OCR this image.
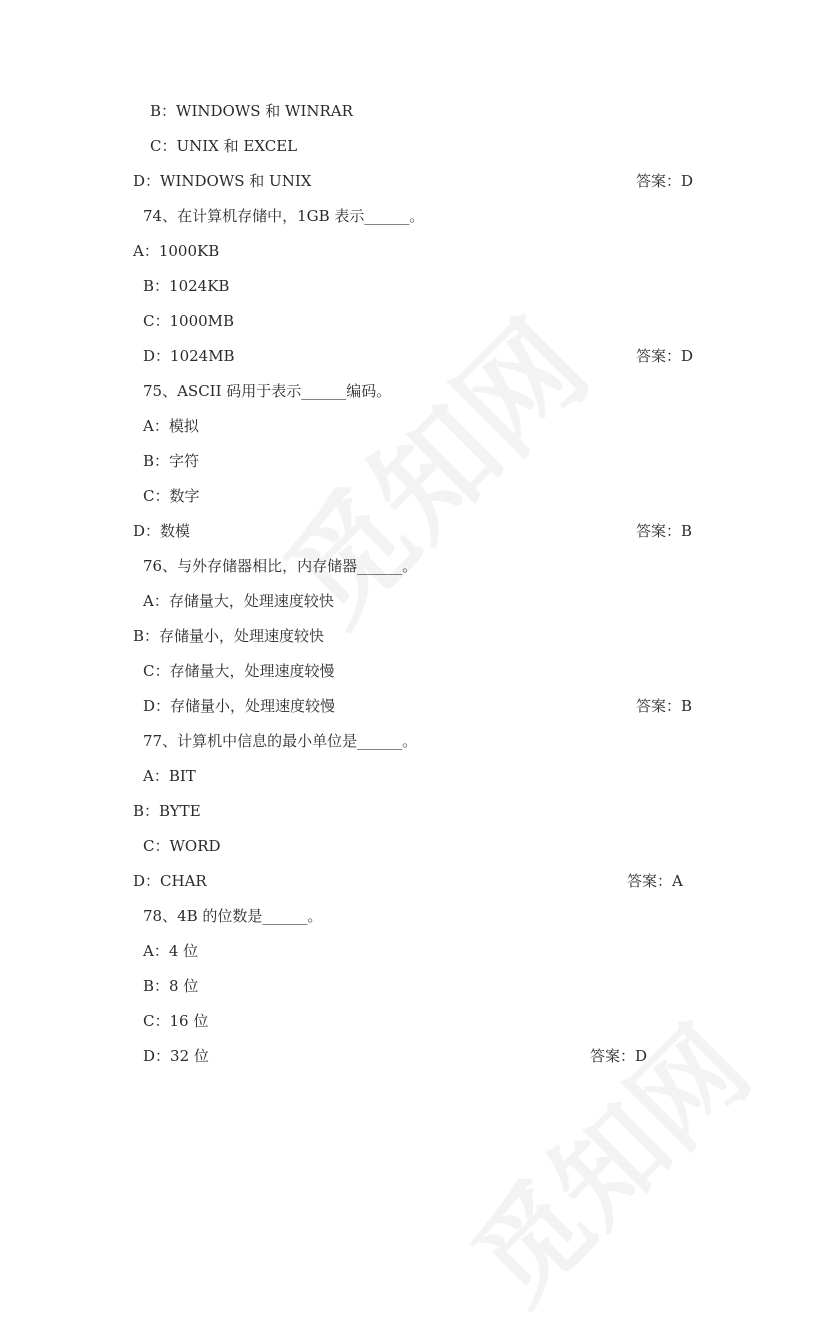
B：WINDOWS 和 WINRAR
C：UNIX 和 EXCEL
D：WINDOWS 和 UNIX	答案：D
74、在计算机存储中，1GB 表示______。
A：1000KB
B：1024KB
C：1000MB
D：1024MB	答案：D
75、ASCII 码用于表示______编码。
A：模拟
B：字符
C：数字
D：数模	答案：B
76、与外存储器相比，内存储器______。
A：存储量大，处理速度较快
B：存储量小，处理速度较快
C：存储量大，处理速度较慢
D：存储量小，处理速度较慢	答案：B
77、计算机中信息的最小单位是______。
A：BIT
B：BYTE
C：WORD
D：CHAR	答案：A
78、4B 的位数是______。
A：4 位
B：8 位
C：16 位
D：32 位	答案：D
